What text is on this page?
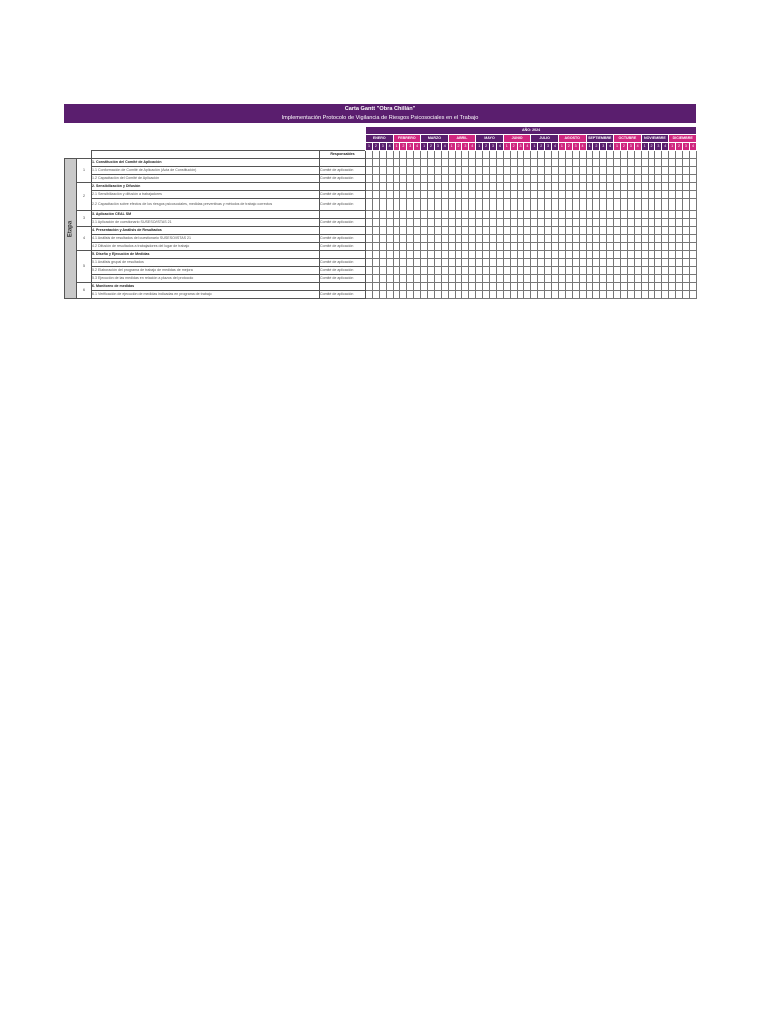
Carta Gantt "Obra Chillán"
Implementación Protocolo de Vigilancia de Riesgos Psicosociales en el Trabajo
				AÑO: 2024																																															
				ENERO				FEBRERO				MARZO				ABRIL				MAYO				JUNIO				JULIO				AGOSTO				SEPTIEMBRE				OCTUBRE				NOVIEMBRE				DICIEMBRE			
				1	2	3	4	1	2	3	4	1	2	3	4	1	2	3	4	1	2	3	4	1	2	3	4	1	2	3	4	1	2	3	4	1	2	3	4	1	2	3	4	1	2	3	4	1	2	3	4
			Responsables																																																

Etapa	1	1. Constitución del Comité de Aplicación																																																	
		1.1 Conformación de Comité de Aplicación (Acta de Constitución)	Comité de aplicación																																																
		1.2 Capacitación del Comité de Aplicación	Comité de aplicación																																																
	2	2. Sensibilización y Difusión																																																	
		2.1 Sensibilización y difusión a trabajadores	Comité de aplicación																																																
		2.2 Capacitación sobre efectos de los riesgos psicosociales, medidas preventivas y métodos de trabajo correctos	Comité de aplicación																																																
	3	3. Aplicación CEAL SM																																																	
		3.1 Aplicación de cuestionario SUSESO/ISTAS 21	Comité de aplicación																																																
	4	4. Presentación y Análisis de Resultados																																																	
		4.1 Análisis de resultados del cuestionario SUSESO/ISTAS 21	Comité de aplicación																																																
		4.2 Difusión de resultados a trabajadores del lugar de trabajo	Comité de aplicación																																																
	5	5. Diseño y Ejecución de Medidas																																																	
		5.1 Análisis grupal de resultados	Comité de aplicación																																																
		5.2 Elaboración del programa de trabajo de medidas de mejora	Comité de aplicación																																																
		5.3 Ejecución de las medidas en relación a plazos del protocolo	Comité de aplicación																																																
	6	6. Monitoreo de medidas																																																	
		6.1 Verificación de ejecución de medidas indicadas en programa de trabajo	Comité de aplicación																																																
